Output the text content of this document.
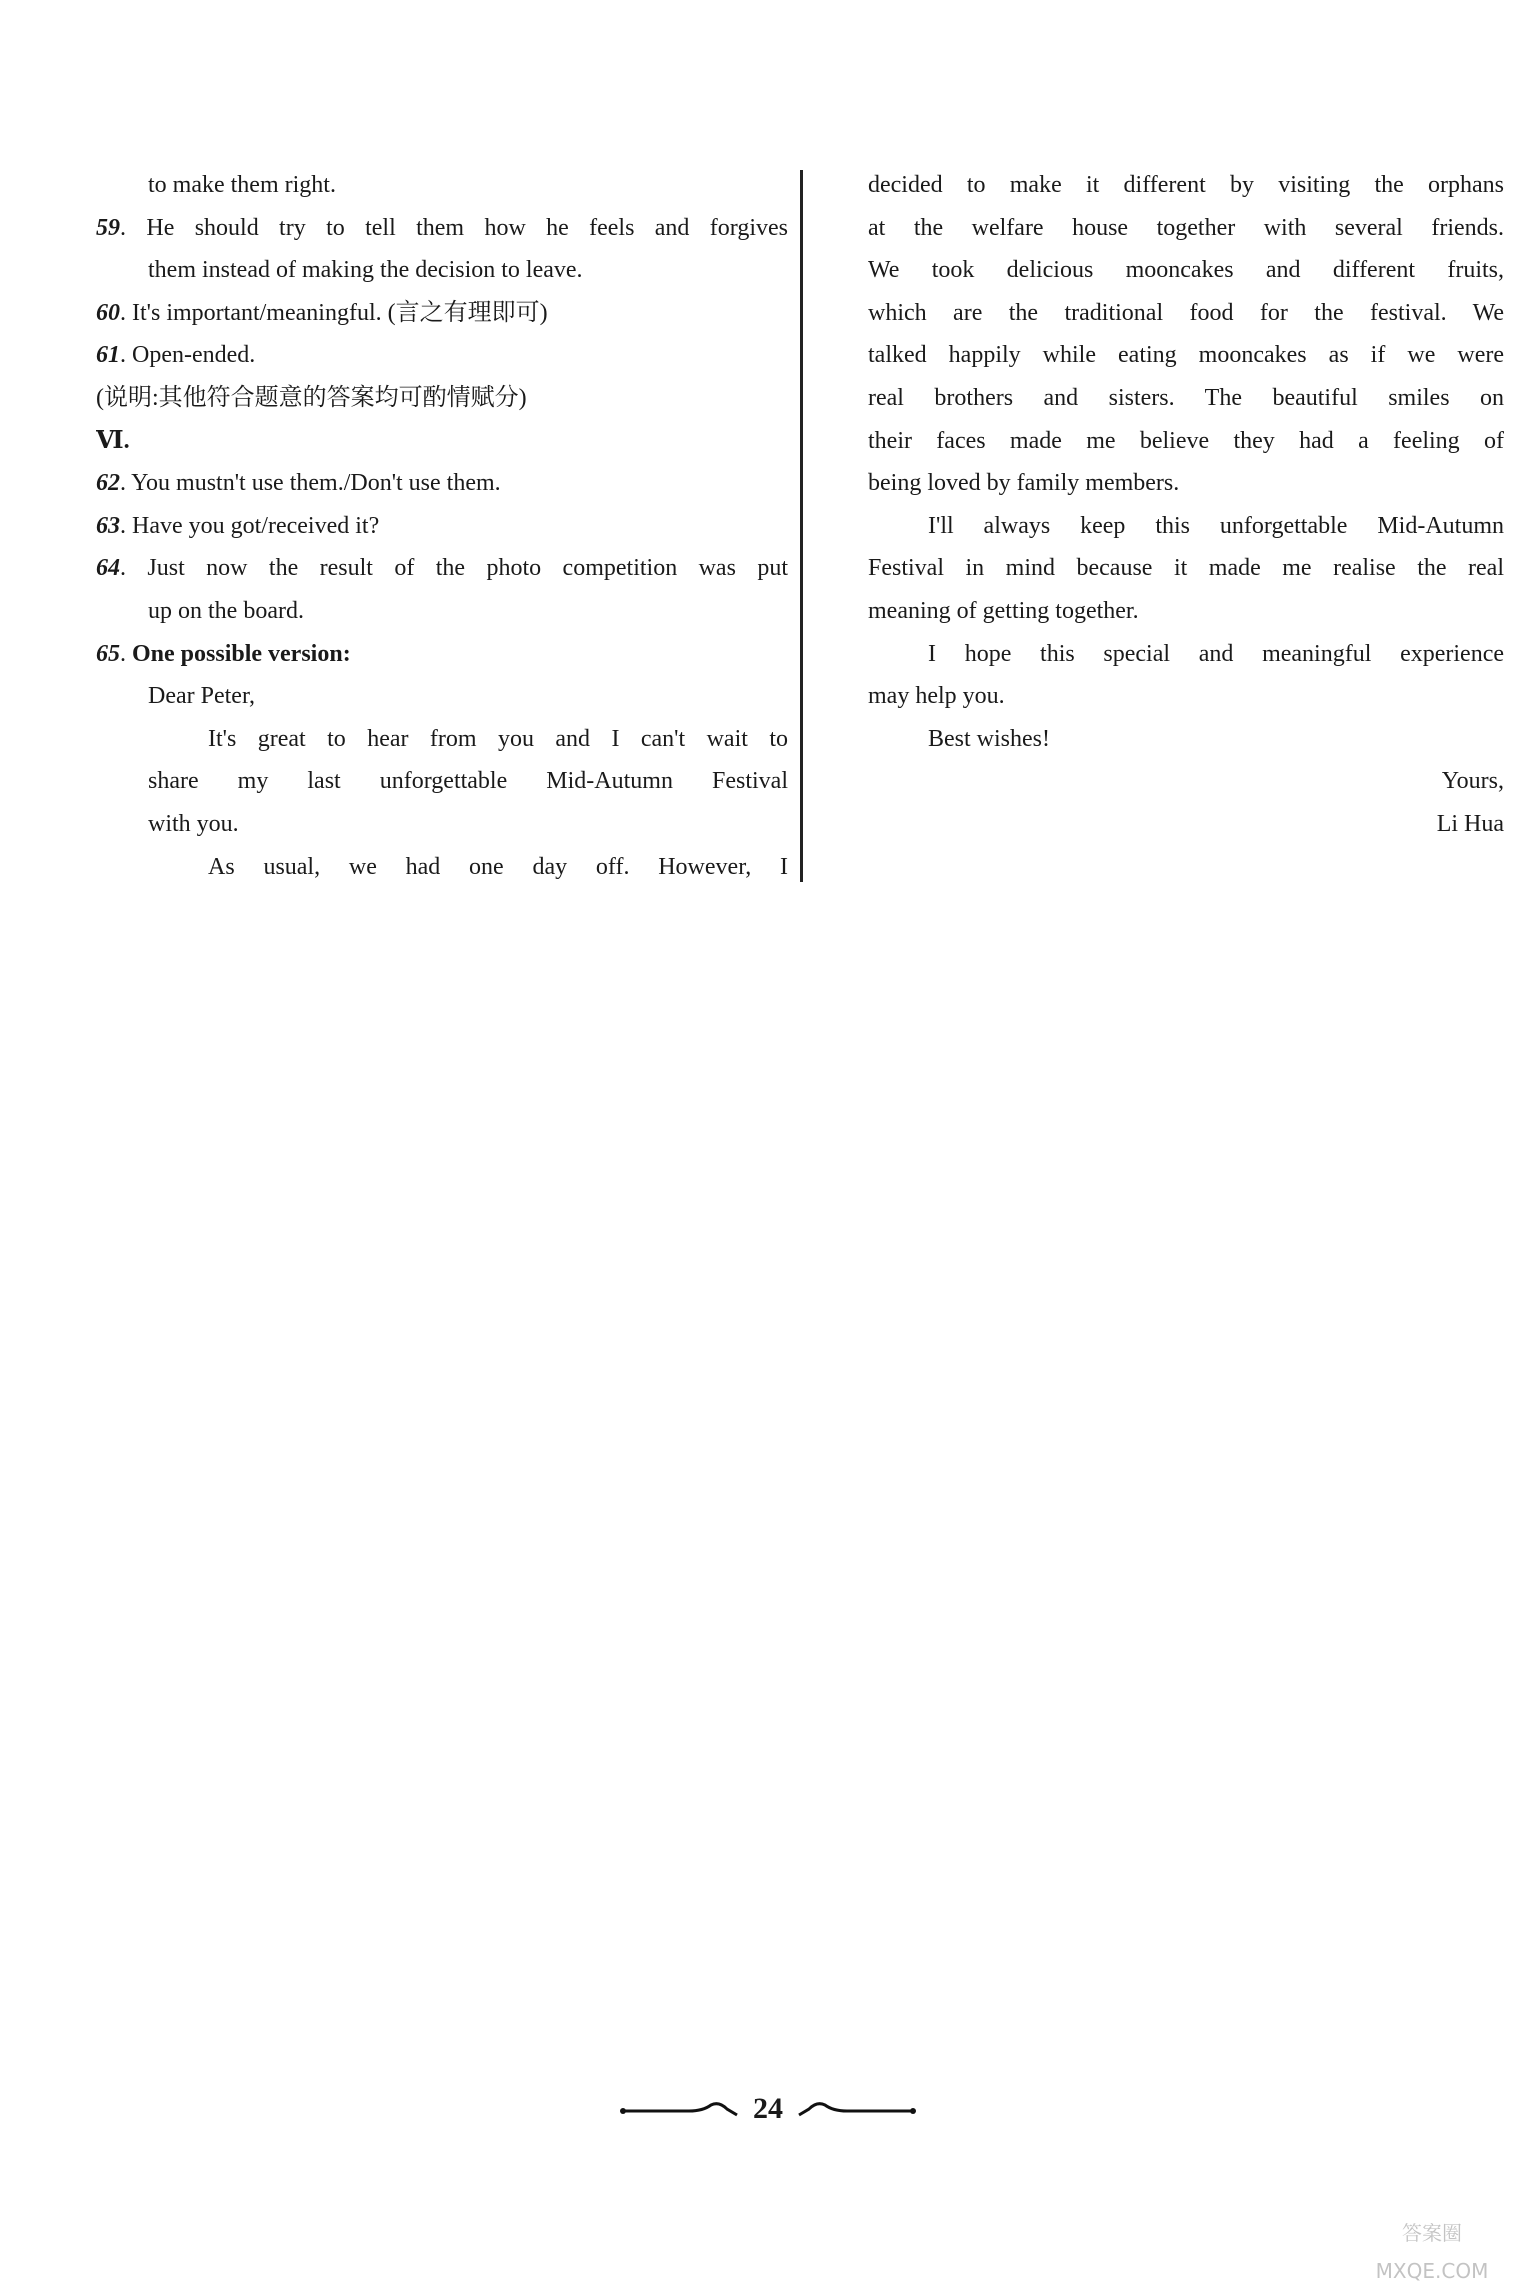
to make them right.
59. He should try to tell them how he feels and forgives
them instead of making the decision to leave.
60. It's important/meaningful. (言之有理即可)
61. Open-ended.
(说明:其他符合题意的答案均可酌情赋分)
Ⅵ.
62. You mustn't use them./Don't use them.
63. Have you got/received it?
64. Just now the result of the photo competition was put
up on the board.
65. One possible version:
Dear Peter,
It's great to hear from you and I can't wait to
share my last unforgettable Mid-Autumn Festival
with you.
As usual, we had one day off. However, I
decided to make it different by visiting the orphans
at the welfare house together with several friends.
We took delicious mooncakes and different fruits,
which are the traditional food for the festival. We
talked happily while eating mooncakes as if we were
real brothers and sisters. The beautiful smiles on
their faces made me believe they had a feeling of
being loved by family members.
I'll always keep this unforgettable Mid-Autumn
Festival in mind because it made me realise the real
meaning of getting together.
I hope this special and meaningful experience
may help you.
Best wishes!
Yours,
Li Hua
24
答案圈
MXQE.COM
